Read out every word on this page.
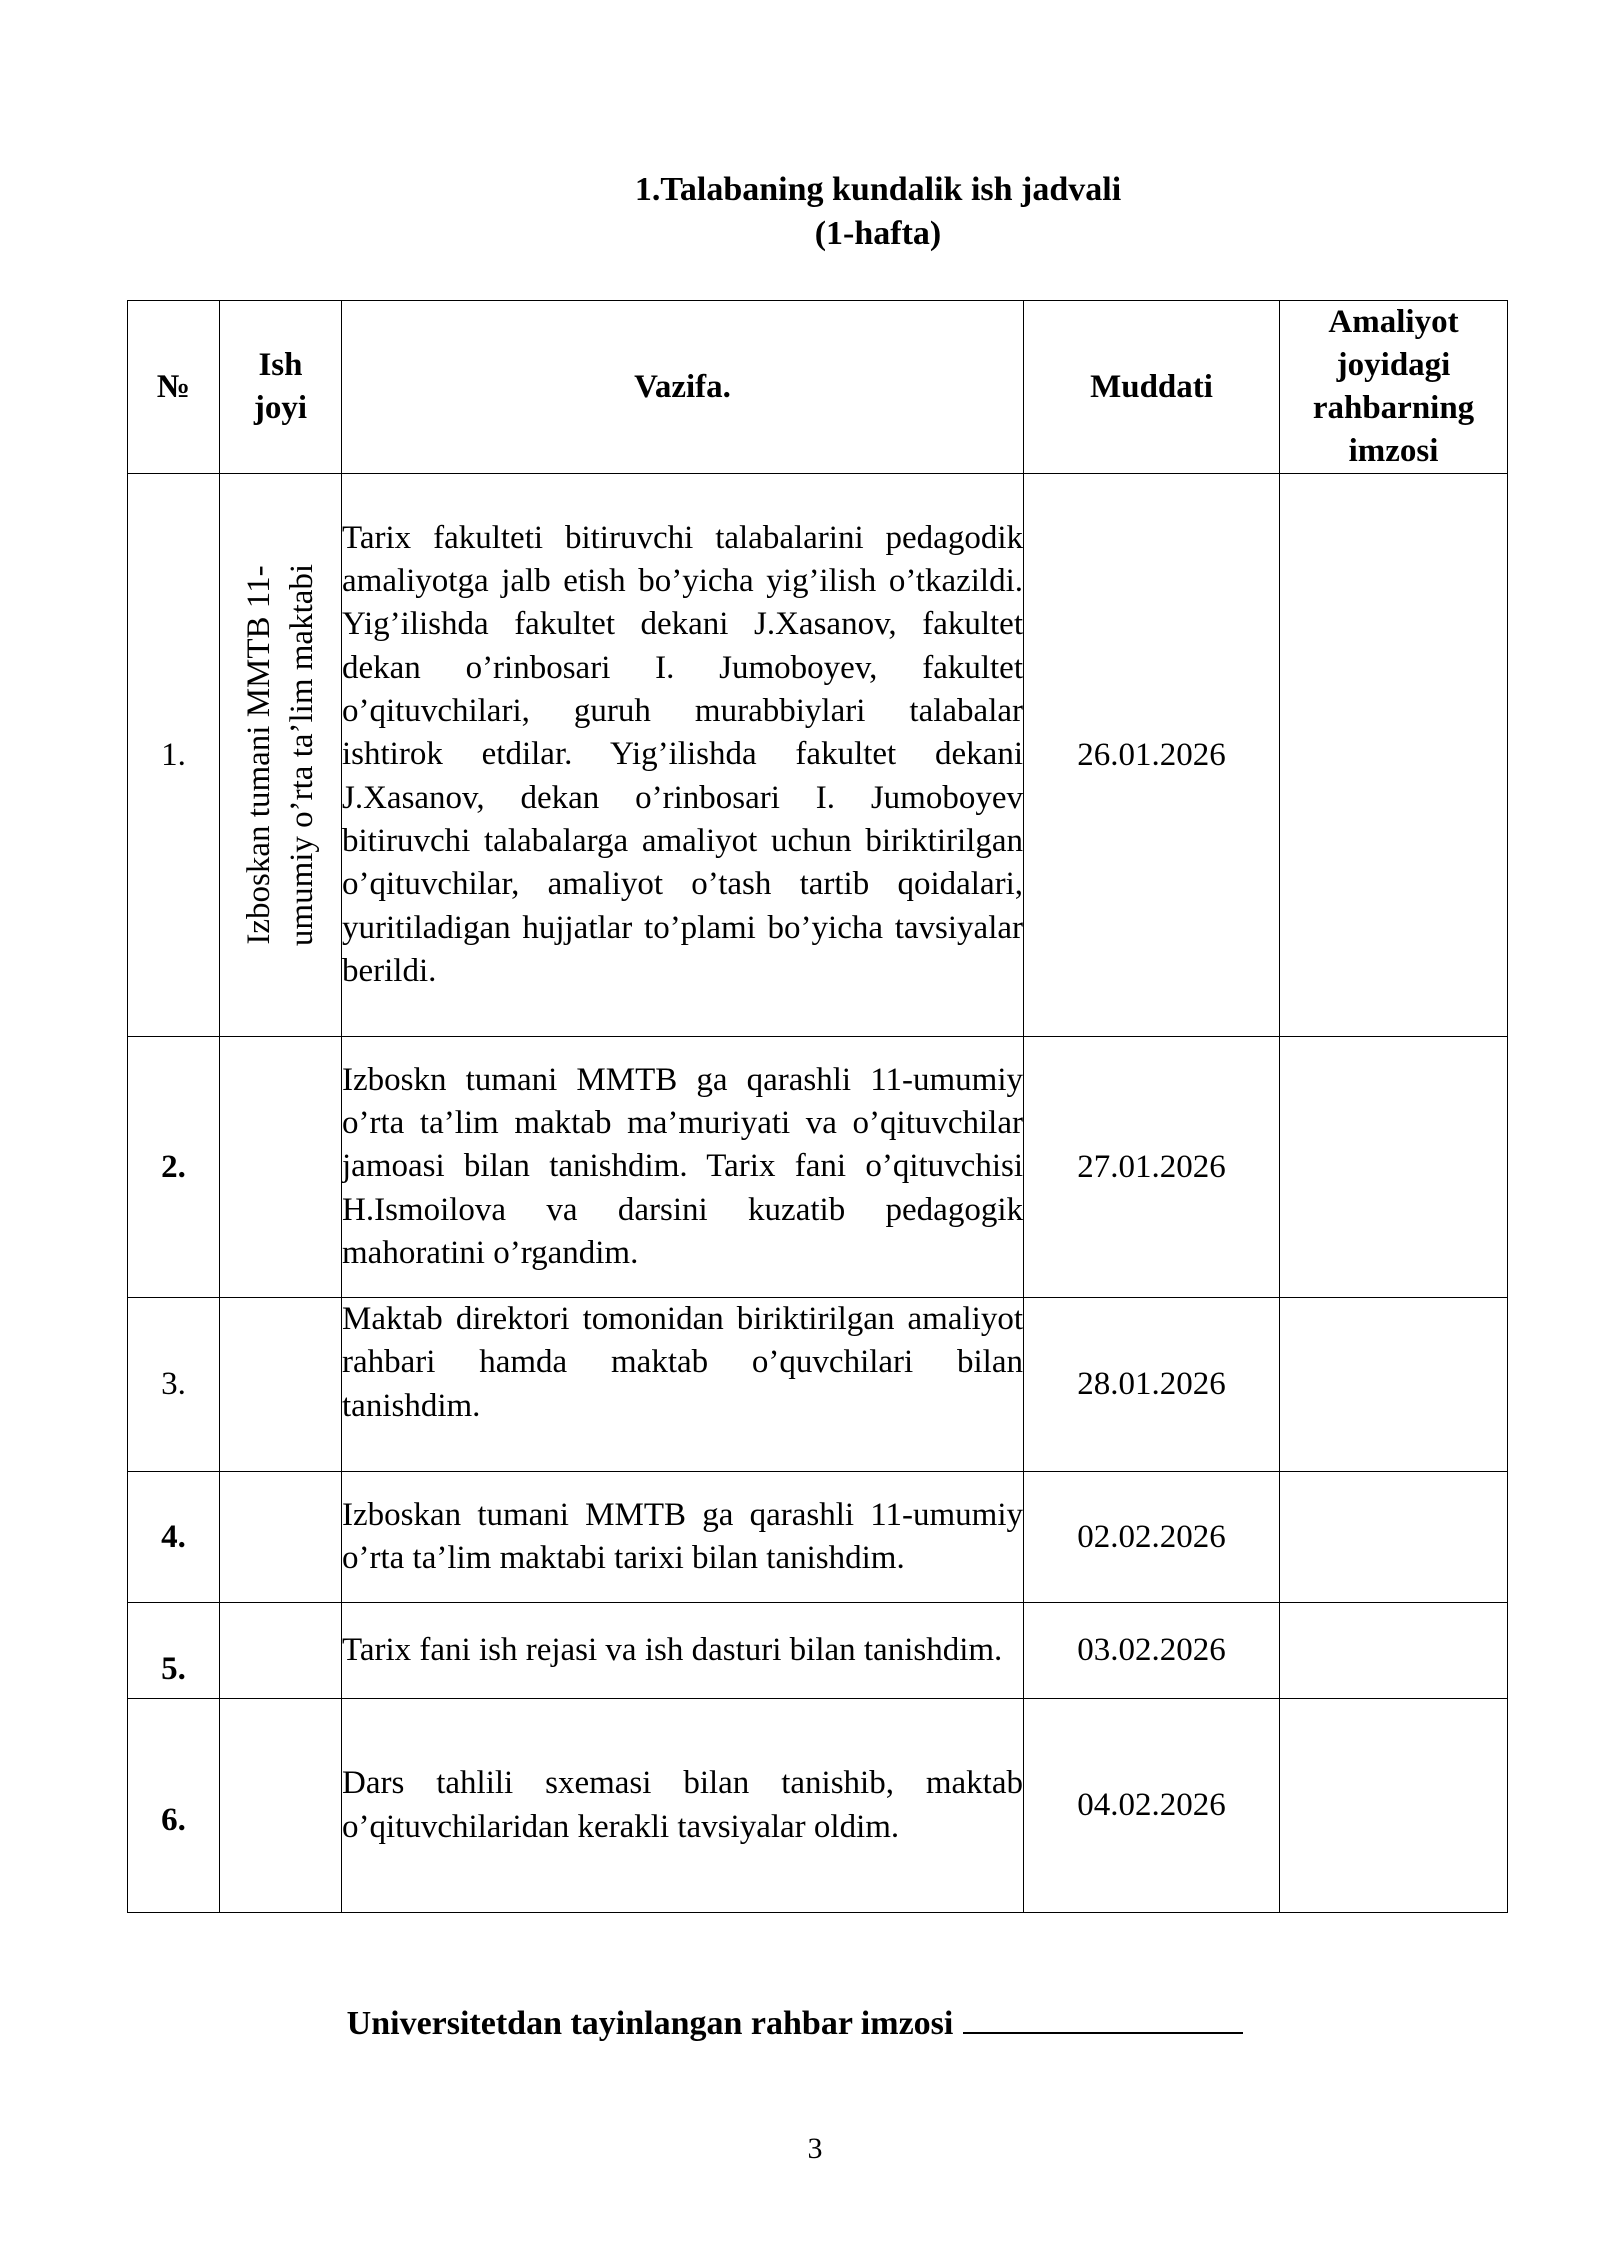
1.Talabaning kundalik ish jadvali
(1-hafta)
№	Ish joyi	Vazifa.	Muddati	Amaliyot joyidagi rahbarning imzosi
1.	Izboskan tumani MMTB 11-umumiy o’rta ta’lim maktabi	Tarix fakulteti bitiruvchi talabalarini pedagodik amaliyotga jalb etish bo’yicha yig’ilish o’tkazildi. Yig’ilishda fakultet dekani J.Xasanov, fakultet dekan o’rinbosari I. Jumoboyev, fakultet o’qituvchilari, guruh murabbiylari talabalar ishtirok etdilar. Yig’ilishda fakultet dekani J.Xasanov, dekan o’rinbosari I. Jumoboyev bitiruvchi talabalarga amaliyot uchun biriktirilgan o’qituvchilar, amaliyot o’tash tartib qoidalari, yuritiladigan hujjatlar to’plami bo’yicha tavsiyalar berildi.	26.01.2026	
2.		Izboskn tumani MMTB ga qarashli 11-umumiy o’rta ta’lim maktab ma’muriyati va o’qituvchilar jamoasi bilan tanishdim. Tarix fani o’qituvchisi H.Ismoilova va darsini kuzatib pedagogik mahoratini o’rgandim.	27.01.2026	
3.		Maktab direktori tomonidan biriktirilgan amaliyot rahbari hamda maktab o’quvchilari bilan tanishdim.	28.01.2026	
4.		Izboskan tumani MMTB ga qarashli 11-umumiy o’rta ta’lim maktabi tarixi bilan tanishdim.	02.02.2026	
5.		Tarix fani ish rejasi va ish dasturi bilan tanishdim.	03.02.2026	
6.		Dars tahlili sxemasi bilan tanishib, maktab o’qituvchilaridan kerakli tavsiyalar oldim.	04.02.2026	
Universitetdan tayinlangan rahbar imzosi
3
